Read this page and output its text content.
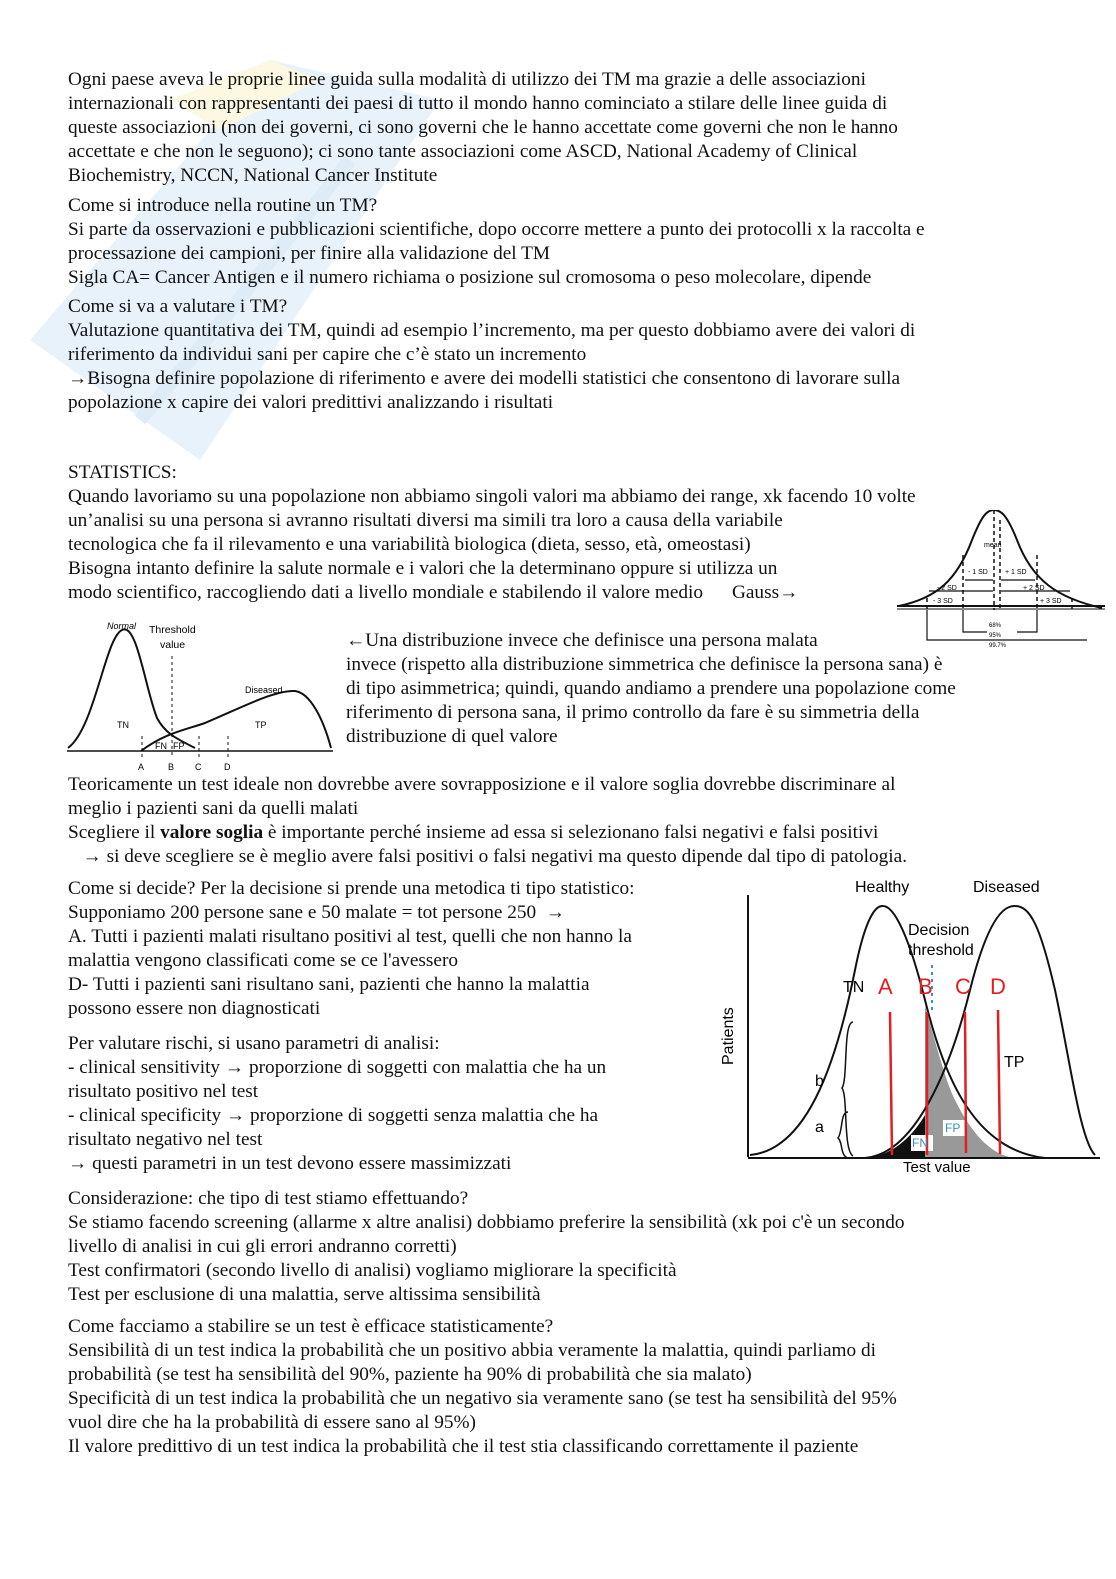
Ogni paese aveva le proprie linee guida sulla modalità di utilizzo dei TM ma grazie a delle associazioni
internazionali con rappresentanti dei paesi di tutto il mondo hanno cominciato a stilare delle linee guida di
queste associazioni (non dei governi, ci sono governi che le hanno accettate come governi che non le hanno
accettate e che non le seguono); ci sono tante associazioni come ASCD, National Academy of Clinical
Biochemistry, NCCN, National Cancer Institute
Come si introduce nella routine un TM?
Si parte da osservazioni e pubblicazioni scientifiche, dopo occorre mettere a punto dei protocolli x la raccolta e
processazione dei campioni, per finire alla validazione del TM
Sigla CA= Cancer Antigen e il numero richiama o posizione sul cromosoma o peso molecolare, dipende
Come si va a valutare i TM?
Valutazione quantitativa dei TM, quindi ad esempio l’incremento, ma per questo dobbiamo avere dei valori di
riferimento da individui sani per capire che c’è stato un incremento
→Bisogna definire popolazione di riferimento e avere dei modelli statistici che consentono di lavorare sulla
popolazione x capire dei valori predittivi analizzando i risultati
STATISTICS:
Quando lavoriamo su una popolazione non abbiamo singoli valori ma abbiamo dei range, xk facendo 10 volte
un’analisi su una persona si avranno risultati diversi ma simili tra loro a causa della variabile
tecnologica che fa il rilevamento e una variabilità biologica (dieta, sesso, età, omeostasi)
Bisogna intanto definire la salute normale e i valori che la determinano oppure si utilizza un
modo scientifico, raccogliendo dati a livello mondiale e stabilendo il valore medio      Gauss→
←Una distribuzione invece che definisce una persona malata
invece (rispetto alla distribuzione simmetrica che definisce la persona sana) è
di tipo asimmetrica; quindi, quando andiamo a prendere una popolazione come
riferimento di persona sana, il primo controllo da fare è su simmetria della
distribuzione di quel valore
Teoricamente un test ideale non dovrebbe avere sovrapposizione e il valore soglia dovrebbe discriminare al
meglio i pazienti sani da quelli malati
Scegliere il valore soglia è importante perché insieme ad essa si selezionano falsi negativi e falsi positivi
→ si deve scegliere se è meglio avere falsi positivi o falsi negativi ma questo dipende dal tipo di patologia.
Come si decide? Per la decisione si prende una metodica ti tipo statistico:
Supponiamo 200 persone sane e 50 malate = tot persone 250  →
A. Tutti i pazienti malati risultano positivi al test, quelli che non hanno la
malattia vengono classificati come se ce l'avessero
D- Tutti i pazienti sani risultano sani, pazienti che hanno la malattia
possono essere non diagnosticati
Per valutare rischi, si usano parametri di analisi:
- clinical sensitivity → proporzione di soggetti con malattia che ha un
risultato positivo nel test
- clinical specificity → proporzione di soggetti senza malattia che ha
risultato negativo nel test
→ questi parametri in un test devono essere massimizzati
Considerazione: che tipo di test stiamo effettuando?
Se stiamo facendo screening (allarme x altre analisi) dobbiamo preferire la sensibilità (xk poi c'è un secondo
livello di analisi in cui gli errori andranno corretti)
Test confirmatori (secondo livello di analisi) vogliamo migliorare la specificità
Test per esclusione di una malattia, serve altissima sensibilità
Come facciamo a stabilire se un test è efficace statisticamente?
Sensibilità di un test indica la probabilità che un positivo abbia veramente la malattia, quindi parliamo di
probabilità (se test ha sensibilità del 90%, paziente ha 90% di probabilità che sia malato)
Specificità di un test indica la probabilità che un negativo sia veramente sano (se test ha sensibilità del 95%
vuol dire che ha la probabilità di essere sano al 95%)
Il valore predittivo di un test indica la probabilità che il test stia classificando correttamente il paziente
mean
- 1 SD + 1 SD
- 2 SD	+ 2 SD
- 3 SD	+ 3 SD
68%
95%
99.7%
Normal Threshold
value
Diseased
TN	TP
FN FP
A	B C	D
Healthy	Diseased
Decision
threshold
TN A B C D
TP
FP
FN
b
a
Patients
Test value
